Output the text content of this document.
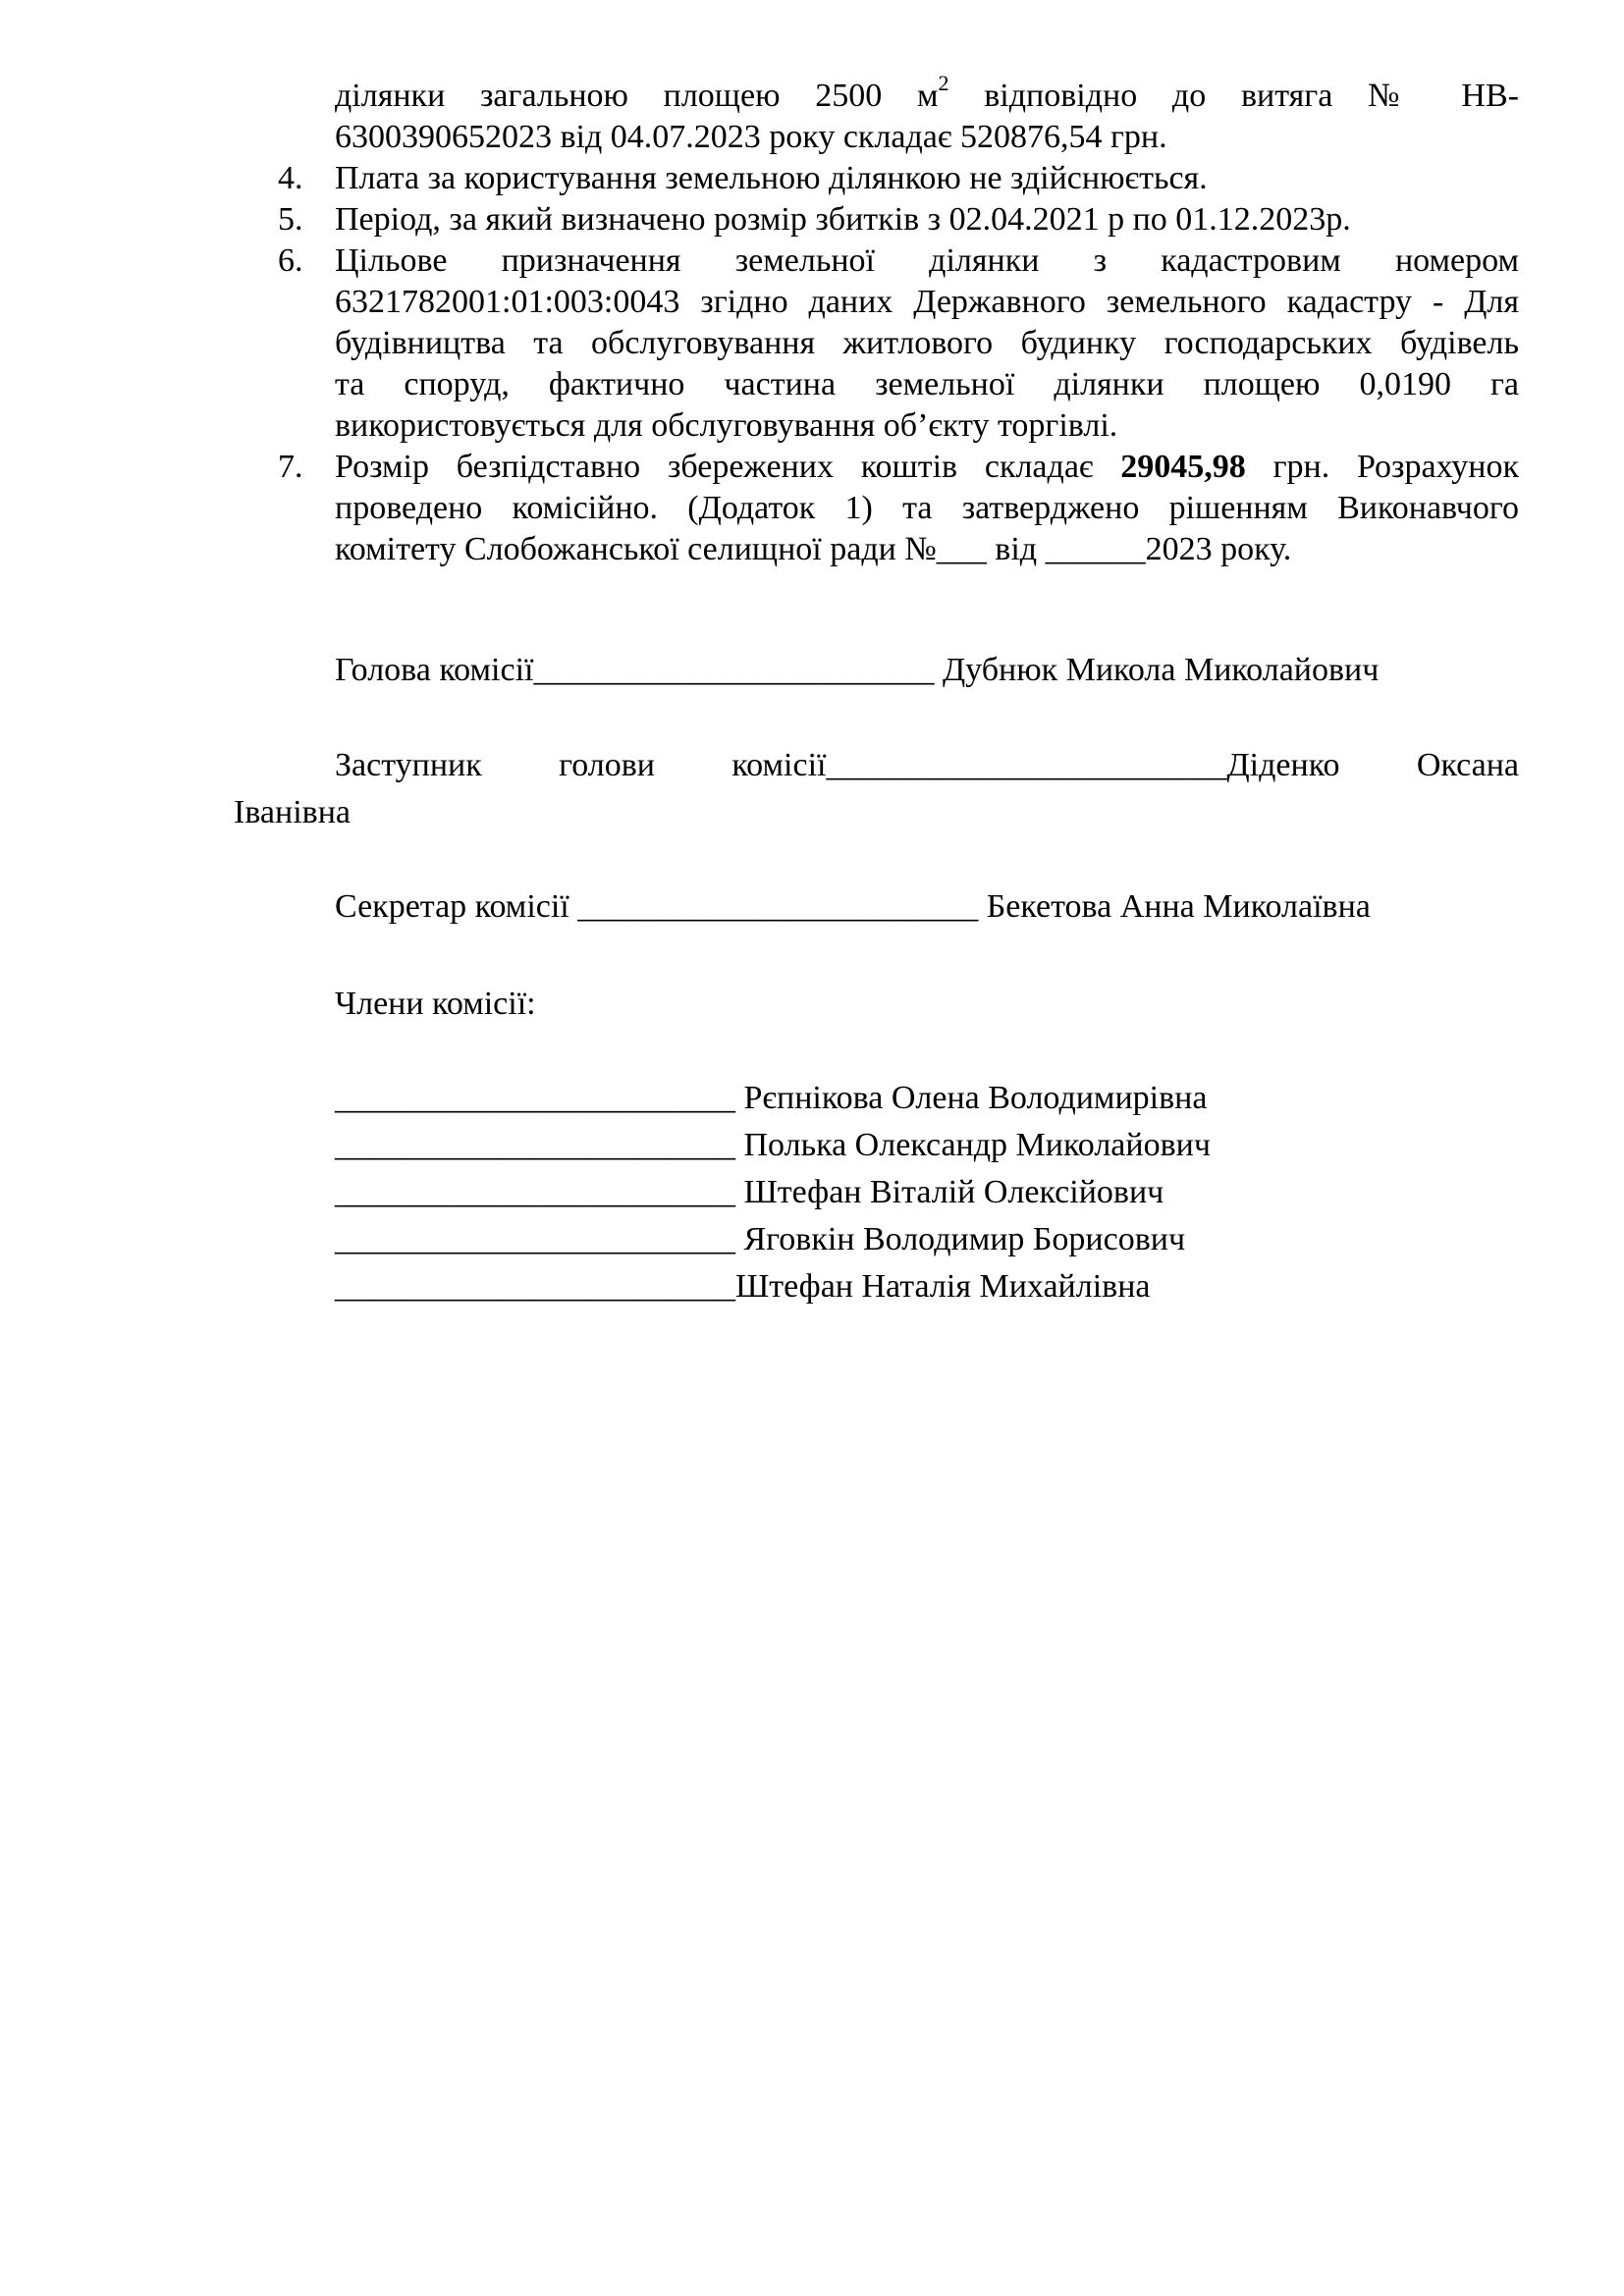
ділянки загальною площею 2500 $м^2$ відповідно до витяга № НВ-
6300390652023 від 04.07.2023 року складає 520876,54 грн.
4. Плата за користування земельною ділянкою не здійснюється.
5. Період, за який визначено розмір збитків з 02.04.2021 р по 01.12.2023р.
6. Цільове призначення земельної ділянки з кадастровим номером
6321782001:01:003:0043 згідно даних Державного земельного кадастру - Для
будівництва та обслуговування житлового будинку господарських будівель
та споруд, фактично частина земельної ділянки площею 0,0190 га
використовується для обслуговування об’єкту торгівлі.
7. Розмір безпідставно збережених коштів складає 29045,98 грн. Розрахунок
проведено комісійно. (Додаток 1) та затверджено рішенням Виконавчого
комітету Слобожанської селищної ради №___ від ______2023 року.
Голова комісії________________________ Дубнюк Микола Миколайович
Заступник голови комісії________________________Діденко Оксана
Іванівна
Секретар комісії ________________________ Бекетова Анна Миколаївна
Члени комісії:
________________________ Рєпнікова Олена Володимирівна
________________________ Полька Олександр Миколайович
________________________ Штефан Віталій Олексійович
________________________ Яговкін Володимир Борисович
________________________Штефан Наталія Михайлівна
